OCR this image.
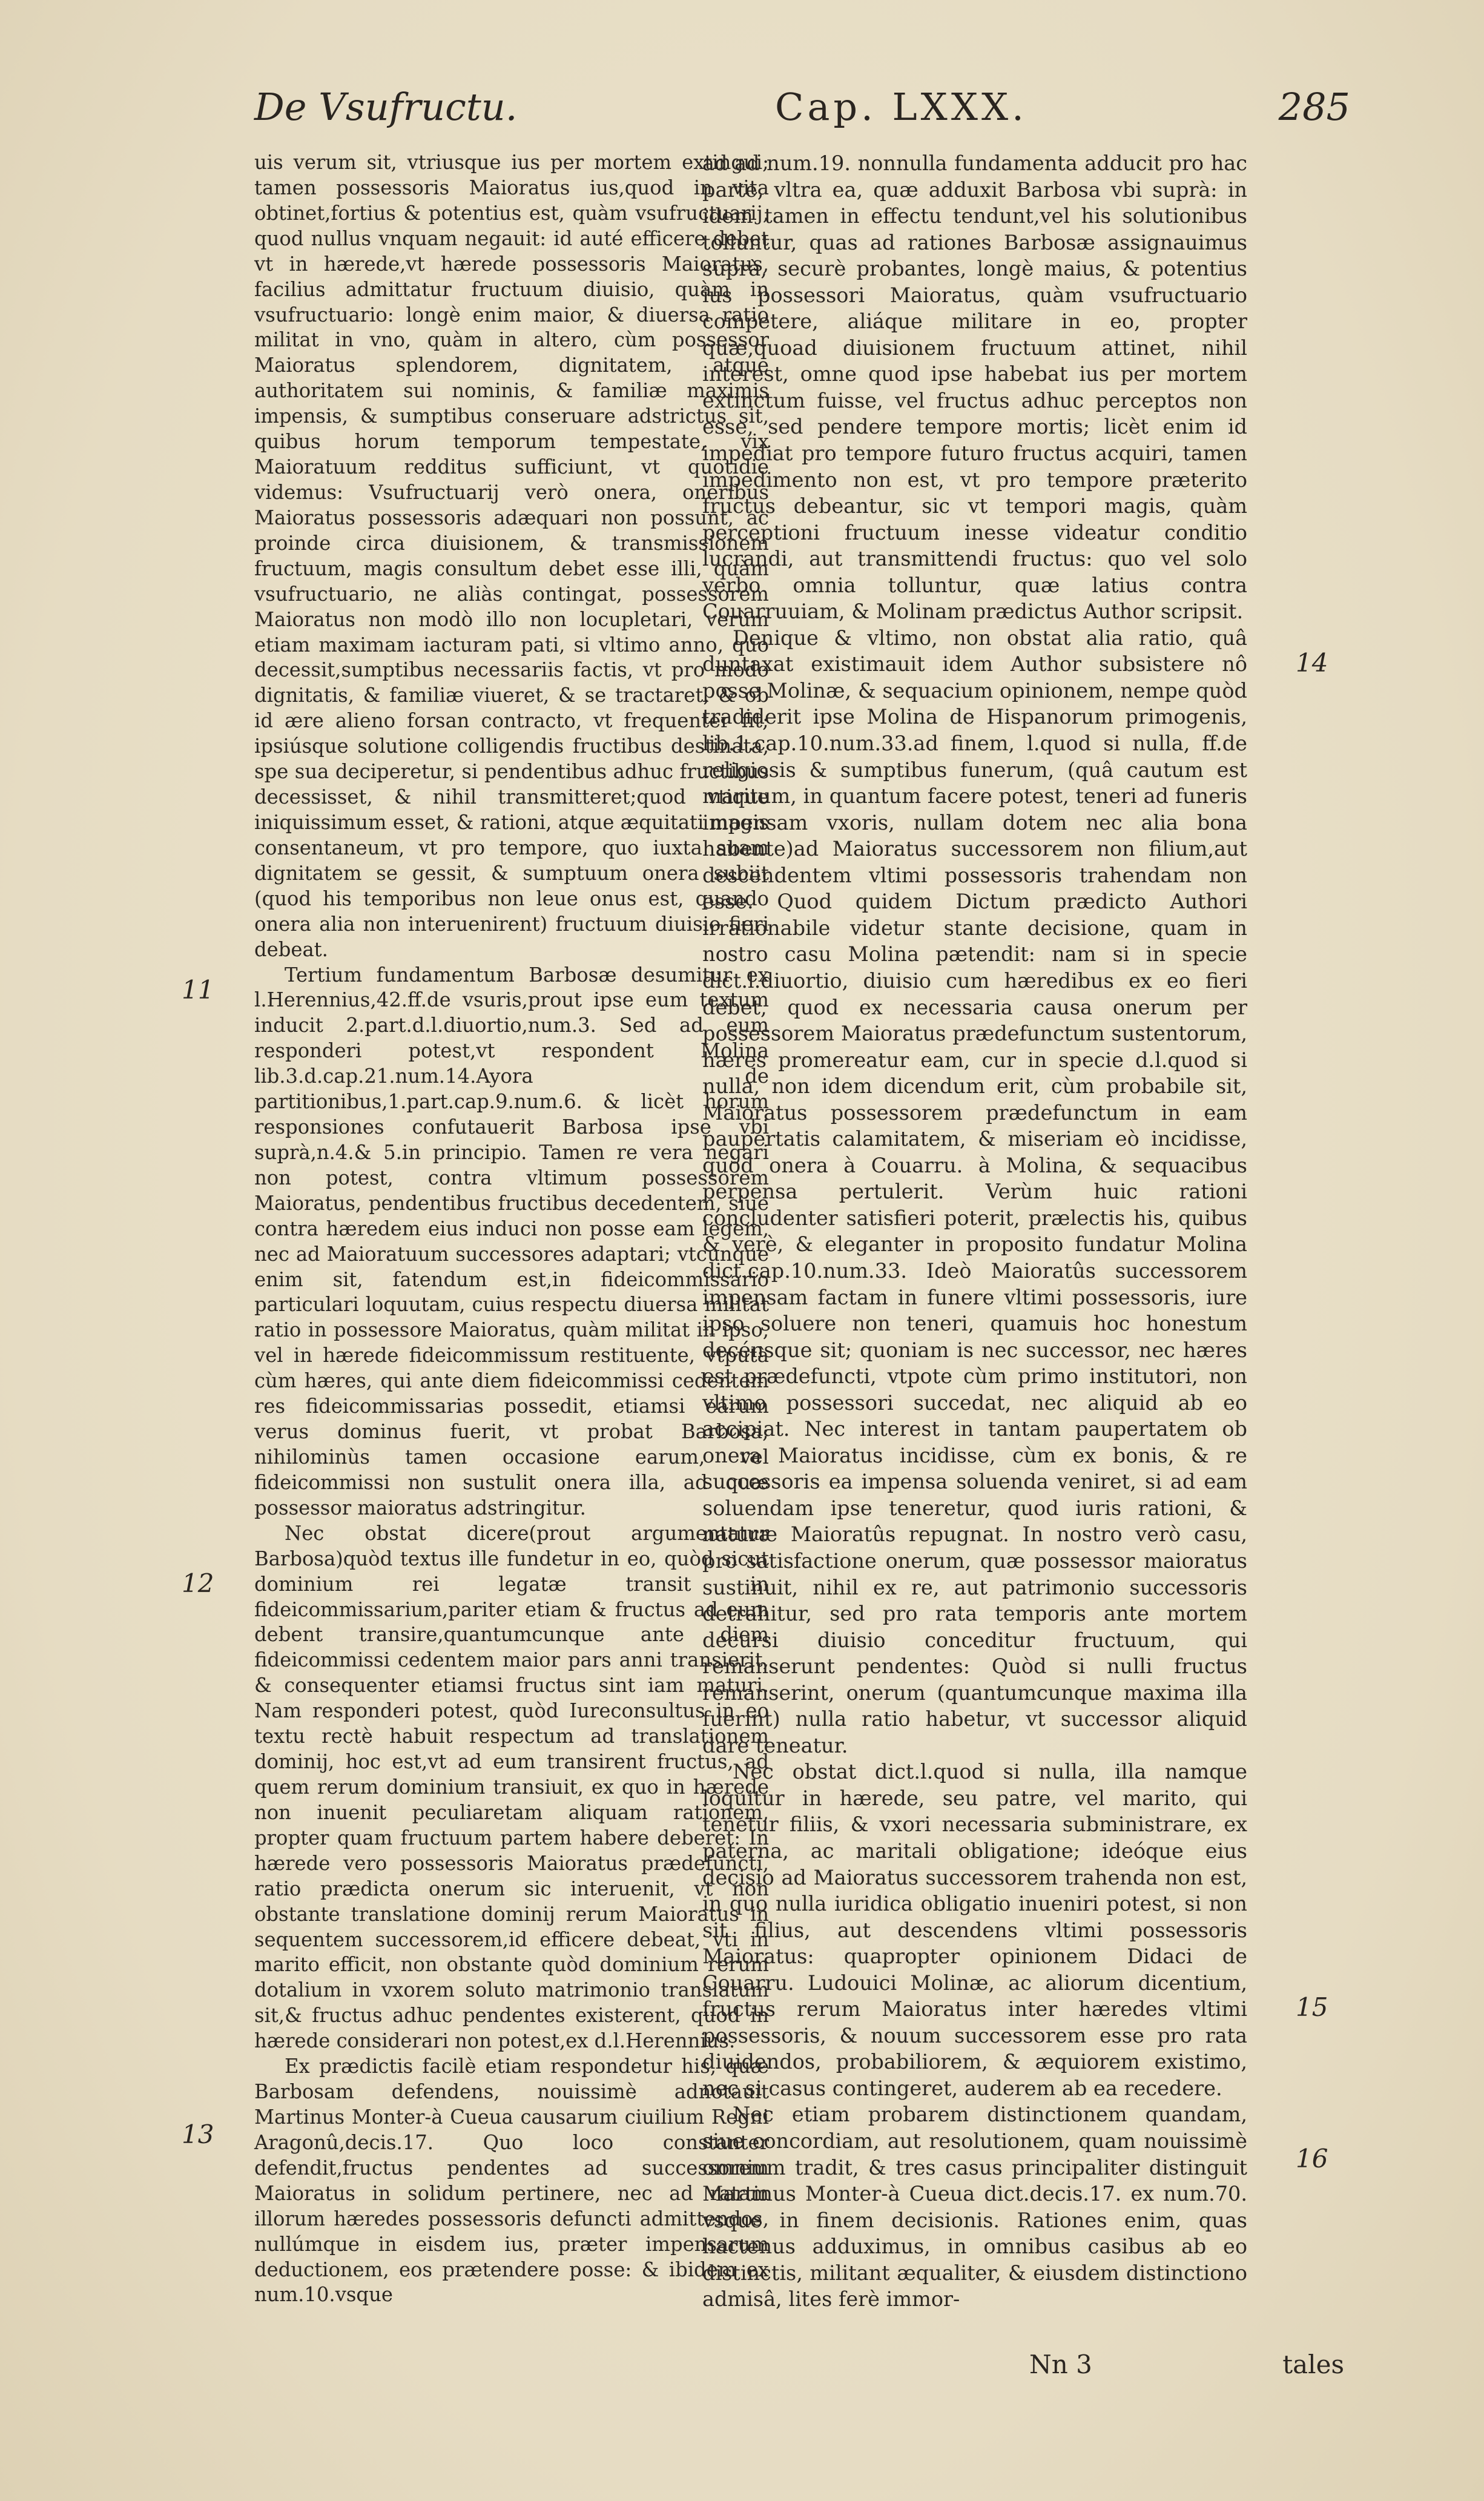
De Vsufructu.	Cap. LXXX.	285

uis verum sit, vtriusque ius per mortem extingui; tamen possessoris Maioratus ius,quod in vita obtinet,fortius & potentius est, quàm vsufructuarij, quod nullus vnquam negauit: id auté efficere debet vt in hærede,vt hærede possessoris Maioratus, facilius admittatur fructuum diuisio, quàm in vsufructuario: longè enim maior, & diuersa ratio militat in vno, quàm in altero, cùm possessor Maioratus splendorem, dignitatem, atque authoritatem sui nominis, & familiæ maximis impensis, & sumptibus conseruare adstrictus sit, quibus horum temporum tempestate, vix Maioratuum redditus sufficiunt, vt quotidie videmus: Vsufructuarij verò onera, oneribus Maioratus possessoris adæquari non possunt, ac proinde circa diuisionem, & transmissionem fructuum, magis consultum debet esse illi, quàm vsufructuario, ne aliàs contingat, possessorem Maioratus non modò illo non locupletari, verùm etiam maximam iacturam pati, si vltimo anno, quo decessit,sumptibus necessariis factis, vt pro modo dignitatis, & familiæ viueret, & se tractaret, & ob id ære alieno forsan contracto, vt frequenter fit; ipsiúsque solutione colligendis fructibus destinata, spe sua deciperetur, si pendentibus adhuc fructibus decessisset, & nihil transmitteret;quod vtique iniquissimum esset, & rationi, atque æquitati magis consentaneum, vt pro tempore, quo iuxta suam dignitatem se gessit, & sumptuum onera subiit (quod his temporibus non leue onus est, quando onera alia non interuenirent) fructuum diuisio fieri debeat.

Tertium fundamentum Barbosæ desumitur ex l.Herennius,42.ff.de vsuris,prout ipse eum textum inducit 2.part.d.l.diuortio,num.3. Sed ad eum responderi potest,vt respondent Molina lib.3.d.cap.21.num.14.Ayora de partitionibus,1.part.cap.9.num.6. & licèt horum responsiones confutauerit Barbosa ipse vbi suprà,n.4.& 5.in principio. Tamen re vera negari non potest, contra vltimum possessorem Maioratus, pendentibus fructibus decedentem, siue contra hæredem eius induci non posse eam legem, nec ad Maioratuum successores adaptari; vtcunque enim sit, fatendum est,in fideicommissario particulari loquutam, cuius respectu diuersa militat ratio in possessore Maioratus, quàm militat in ipso, vel in hærede fideicommissum restituente, vtputà cùm hæres, qui ante diem fideicommissi cedentem res fideicommissarias possedit, etiamsi earum verus dominus fuerit, vt probat Barbosa; nihilominùs tamen occasione earum, vel fideicommissi non sustulit onera illa, ad quæ possessor maioratus adstringitur.

Nec obstat dicere(prout argumentatur Barbosa)quòd textus ille fundetur in eo, quòd sicut dominium rei legatæ transit in fideicommissarium,pariter etiam & fructus ad eum debent transire,quantumcunque ante diem fideicommissi cedentem maior pars anni transierit, & consequenter etiamsi fructus sint iam maturi. Nam responderi potest, quòd Iureconsultus in eo textu rectè habuit respectum ad translationem dominij, hoc est,vt ad eum transirent fructus, ad quem rerum dominium transiuit, ex quo in hærede non inuenit peculiaretam aliquam rationem, propter quam fructuum partem habere deberet: In hærede vero possessoris Maioratus prædefuncti, ratio prædicta onerum sic interuenit, vt non obstante translatione dominij rerum Maioratus in sequentem successorem,id efficere debeat, vti in marito efficit, non obstante quòd dominium rerum dotalium in vxorem soluto matrimonio translatum sit,& fructus adhuc pendentes existerent, quod in hærede considerari non potest,ex d.l.Herennius.

Ex prædictis facilè etiam respondetur his, quæ Barbosam defendens, nouissimè adnotauit Martinus Monter-à Cueua causarum ciuilium Regni Aragonû,decis.17. Quo loco constanter defendit,fructus pendentes ad successorem Maioratus in solidum pertinere, nec ad ratam illorum hæredes possessoris defuncti admittendos, nullúmque in eisdem ius, præter impensarum deductionem, eos prætendere posse: & ibidem ex num.10.vsque

ad ad num.19. nonnulla fundamenta adducit pro hac parte, vltra ea, quæ adduxit Barbosa vbi suprà: in idem tamen in effectu tendunt,vel his solutionibus tolluntur, quas ad rationes Barbosæ assignauimus suprà, securè probantes, longè maius, & potentius ius possessori Maioratus, quàm vsufructuario competere, aliáque militare in eo, propter quæ,quoad diuisionem fructuum attinet, nihil interest, omne quod ipse habebat ius per mortem extinctum fuisse, vel fructus adhuc perceptos non esse, sed pendere tempore mortis; licèt enim id impediat pro tempore futuro fructus acquiri, tamen impedimento non est, vt pro tempore præterito fructus debeantur, sic vt tempori magis, quàm perceptioni fructuum inesse videatur conditio lucrandi, aut transmittendi fructus: quo vel solo verbo omnia tolluntur, quæ latius contra Couarruuiam, & Molinam prædictus Author scripsit.

Denique & vltimo, non obstat alia ratio, quâ duntaxat existimauit idem Author subsistere nô posse Molinæ, & sequacium opinionem, nempe quòd tradiderit ipse Molina de Hispanorum primogenis, lib.1.cap.10.num.33.ad finem, l.quod si nulla, ff.de religiosis & sumptibus funerum, (quâ cautum est maritum, in quantum facere potest, teneri ad funeris impensam vxoris, nullam dotem nec alia bona habente)ad Maioratus successorem non filium,aut descendentem vltimi possessoris trahendam non esse. Quod quidem Dictum prædicto Authori irrationabile videtur stante decisione, quam in nostro casu Molina pætendit: nam si in specie dict.l.diuortio, diuisio cum hæredibus ex eo fieri debet, quod ex necessaria causa onerum per possessorem Maioratus prædefunctum sustentorum, hæres promereatur eam, cur in specie d.l.quod si nulla, non idem dicendum erit, cùm probabile sit, Maioratus possessorem prædefunctum in eam paupertatis calamitatem, & miseriam eò incidisse, quòd onera à Couarru. à Molina, & sequacibus perpensa pertulerit. Verùm huic rationi concludenter satisfieri poterit, prælectis his, quibus & verè, & eleganter in proposito fundatur Molina dict.cap.10.num.33. Ideò Maioratûs successorem impensam factam in funere vltimi possessoris, iure ipso soluere non teneri, quamuis hoc honestum decénsque sit; quoniam is nec successor, nec hæres est prædefuncti, vtpote cùm primo institutori, non vltimo possessori succedat, nec aliquid ab eo accipiat. Nec interest in tantam paupertatem ob onera Maioratus incidisse, cùm ex bonis, & re successoris ea impensa soluenda veniret, si ad eam soluendam ipse teneretur, quod iuris rationi, & naturæ Maioratûs repugnat. In nostro verò casu, pro satisfactione onerum, quæ possessor maioratus sustinuit, nihil ex re, aut patrimonio successoris detrahitur, sed pro rata temporis ante mortem decursi diuisio conceditur fructuum, qui remanserunt pendentes: Quòd si nulli fructus remanserint, onerum (quantumcunque maxima illa fuerint) nulla ratio habetur, vt successor aliquid dare teneatur.

Nec obstat dict.l.quod si nulla, illa namque loquitur in hærede, seu patre, vel marito, qui tenetur filiis, & vxori necessaria subministrare, ex paterna, ac maritali obligatione; ideóque eius decisio ad Maioratus successorem trahenda non est, in quo nulla iuridica obligatio inueniri potest, si non sit filius, aut descendens vltimi possessoris Maioratus: quapropter opinionem Didaci de Couarru. Ludouici Molinæ, ac aliorum dicentium, fructus rerum Maioratus inter hæredes vltimi possessoris, & nouum successorem esse pro rata diuidendos, probabiliorem, & æquiorem existimo, nec si casus contingeret, auderem ab ea recedere.

Nec etiam probarem distinctionem quandam, siue concordiam, aut resolutionem, quam nouissimè omnium tradit, & tres casus principaliter distinguit Martinus Monter-à Cueua dict.decis.17. ex num.70. vsque in finem decisionis. Rationes enim, quas hactenus adduximus, in omnibus casibus ab eo distinctis, militant æqualiter, & eiusdem distinctiono admisâ, lites ferè immor-

11
12
13
14
15
16
Nn 3	tales
